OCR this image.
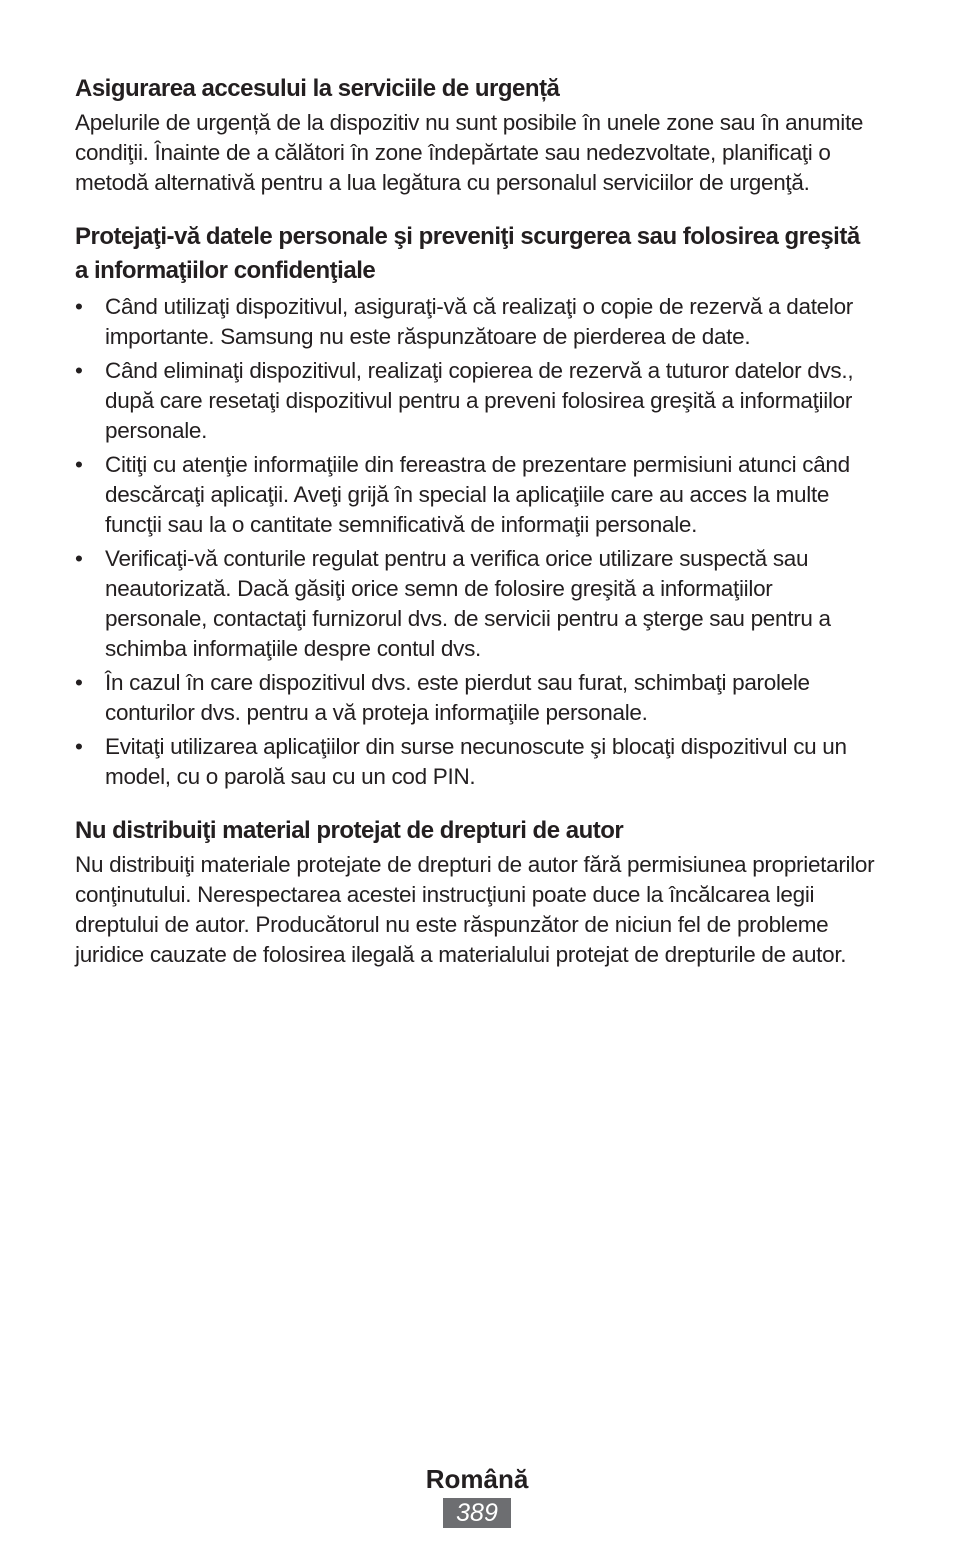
Asigurarea accesului la serviciile de urgență

Apelurile de urgență de la dispozitiv nu sunt posibile în unele zone sau în anumite condiţii. Înainte de a călători în zone îndepărtate sau nedezvoltate, planificaţi o metodă alternativă pentru a lua legătura cu personalul serviciilor de urgenţă.

Protejaţi-vă datele personale şi preveniţi scurgerea sau folosirea greşită a informaţiilor confidenţiale
• Când utilizaţi dispozitivul, asiguraţi-vă că realizaţi o copie de rezervă a datelor importante. Samsung nu este răspunzătoare de pierderea de date.
• Când eliminaţi dispozitivul, realizaţi copierea de rezervă a tuturor datelor dvs., după care resetaţi dispozitivul pentru a preveni folosirea greşită a informaţiilor personale.
• Citiţi cu atenţie informaţiile din fereastra de prezentare permisiuni atunci când descărcaţi aplicaţii. Aveţi grijă în special la aplicaţiile care au acces la multe funcţii sau la o cantitate semnificativă de informaţii personale.
• Verificaţi-vă conturile regulat pentru a verifica orice utilizare suspectă sau neautorizată. Dacă găsiţi orice semn de folosire greşită a informaţiilor personale, contactaţi furnizorul dvs. de servicii pentru a şterge sau pentru a schimba informaţiile despre contul dvs.
• În cazul în care dispozitivul dvs. este pierdut sau furat, schimbaţi parolele conturilor dvs. pentru a vă proteja informaţiile personale.
• Evitaţi utilizarea aplicaţiilor din surse necunoscute şi blocaţi dispozitivul cu un model, cu o parolă sau cu un cod PIN.
Nu distribuiţi material protejat de drepturi de autor

Nu distribuiţi materiale protejate de drepturi de autor fără permisiunea proprietarilor conţinutului. Nerespectarea acestei instrucţiuni poate duce la încălcarea legii dreptului de autor. Producătorul nu este răspunzător de niciun fel de probleme juridice cauzate de folosirea ilegală a materialului protejat de drepturile de autor.

Română
389
